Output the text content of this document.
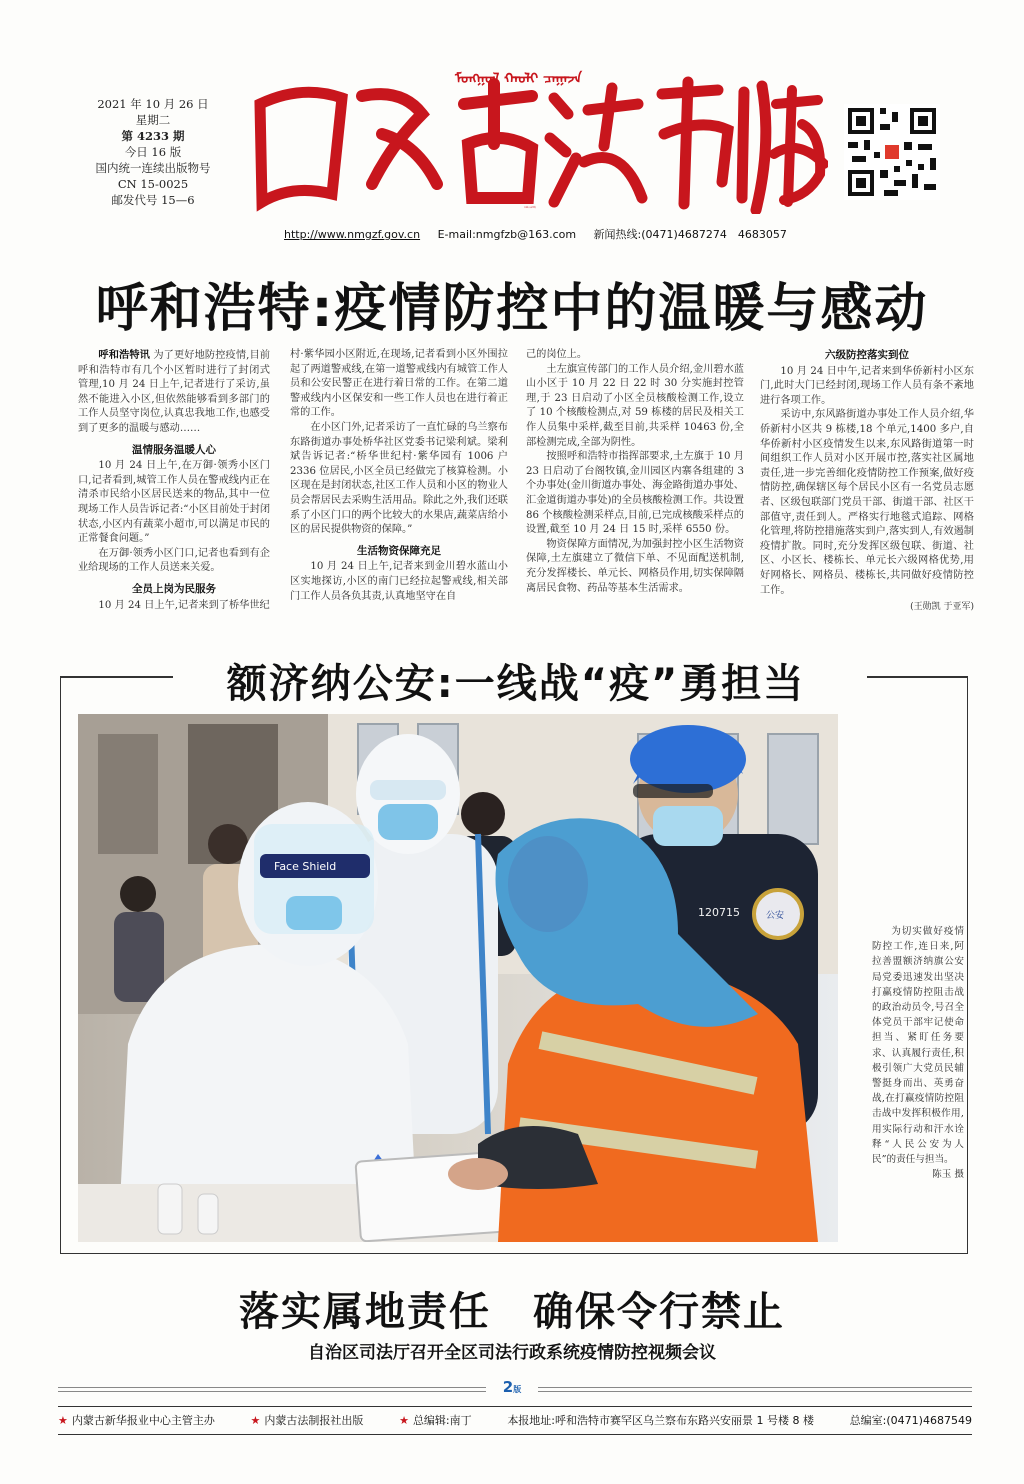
2021 年 10 月 26 日
星期二
第 4233 期
今日 16 版
国内统一连续出版物号
CN 15-0025
邮发代号 15—6
ᠮᠣᠩᠭᠣᠯ ᠬᠠᠤᠯᠢ ᠴᠠᠭᠠᠵᠠ
内蒙古法制报
http://www.nmgzf.gov.cn E-mail:nmgfzb@163.com 新闻热线:(0471)4687274　4683057
呼和浩特:疫情防控中的温暖与感动

呼和浩特讯 为了更好地防控疫情,目前呼和浩特市有几个小区暂时进行了封闭式管理,10 月 24 日上午,记者进行了采访,虽然不能进入小区,但依然能够看到多部门的工作人员坚守岗位,认真忠我地工作,也感受到了更多的温暖与感动……

温情服务温暖人心

10 月 24 日上午,在万御·领秀小区门口,记者看到,城管工作人员在警戒线内正在清杀市民给小区居民送来的物品,其中一位现场工作人员告诉记者:“小区目前处于封闭状态,小区内有蔬菜小超市,可以满足市民的正常餐食问题。”

在万御·领秀小区门口,记者也看到有企业给现场的工作人员送来关爱。

全员上岗为民服务

10 月 24 日上午,记者来到了桥华世纪

村·紫华园小区附近,在现场,记者看到小区外围拉起了两道警戒线,在第一道警戒线内有城管工作人员和公安民警正在进行着日常的工作。在第二道警戒线内小区保安和一些工作人员也在进行着正常的工作。

在小区门外,记者采访了一直忙碌的乌兰察布东路街道办事处桥华社区党委书记梁利斌。梁利斌告诉记者:“桥华世纪村·紫华园有 1006 户 2336 位居民,小区全员已经做完了核算检测。小区现在是封闭状态,社区工作人员和小区的物业人员会帮居民去采购生活用品。除此之外,我们还联系了小区门口的两个比较大的水果店,蔬菜店给小区的居民提供物资的保障。”

生活物资保障充足

10 月 24 日上午,记者来到金川碧水蓝山小区实地探访,小区的南门已经拉起警戒线,相关部门工作人员各负其责,认真地坚守在自

己的岗位上。

土左旗宣传部门的工作人员介绍,金川碧水蓝山小区于 10 月 22 日 22 时 30 分实施封控管理,于 23 日启动了小区全员核酸检测工作,设立了 10 个核酸检测点,对 59 栋楼的居民及相关工作人员集中采样,截至目前,共采样 10463 份,全部检测完成,全部为阴性。

按照呼和浩特市指挥部要求,土左旗于 10 月 23 日启动了台阁牧镇,金川园区内寨各组建的 3 个办事处(金川街道办事处、海金路街道办事处、汇金道街道办事处)的全员核酸检测工作。共设置 86 个核酸检测采样点,目前,已完成核酸采样点的设置,截至 10 月 24 日 15 时,采样 6550 份。

物资保障方面情况,为加强封控小区生活物资保障,土左旗建立了微信下单、不见面配送机制,充分发挥楼长、单元长、网格员作用,切实保障隔离居民食物、药品等基本生活需求。

六级防控落实到位

10 月 24 日中午,记者来到华侨新村小区东门,此时大门已经封闭,现场工作人员有条不紊地进行各项工作。

采访中,东风路街道办事处工作人员介绍,华侨新村小区共 9 栋楼,18 个单元,1400 多户,自华侨新村小区疫情发生以来,东风路街道第一时间组织工作人员对小区开展市控,落实社区属地责任,进一步完善细化疫情防控工作预案,做好疫情防控,确保辖区每个居民小区有一名党员志愿者、区级包联部门党员干部、街道干部、社区干部值守,责任到人。严格实行地毯式追踪、网格化管理,将防控措施落实到户,落实到人,有效遏制疫情扩散。同时,充分发挥区级包联、街道、社区、小区长、楼栋长、单元长六级网格优势,用好网格长、网格员、楼栋长,共同做好疫情防控工作。

(王勋凯 于亚军)

额济纳公安:一线战“疫”勇担当
公安
120715
Face Shield
为切实做好疫情防控工作,连日来,阿拉善盟额济纳旗公安局党委迅速发出坚决打赢疫情防控阻击战的政治动员令,号召全体党员干部牢记使命担当、紧盯任务要求、认真履行责任,积极引领广大党员民辅警挺身而出、英勇奋战,在打赢疫情防控阻击战中发挥积极作用,用实际行动和汗水诠释“人民公安为人民”的责任与担当。
陈玉 摄
落实属地责任　确保令行禁止
自治区司法厅召开全区司法行政系统疫情防控视频会议
2版
★ 内蒙古新华报业中心主管主办	★ 内蒙古法制报社出版	★ 总编辑:南丁	本报地址:呼和浩特市赛罕区乌兰察布东路兴安丽景 1 号楼 8 楼	总编室:(0471)4687549
